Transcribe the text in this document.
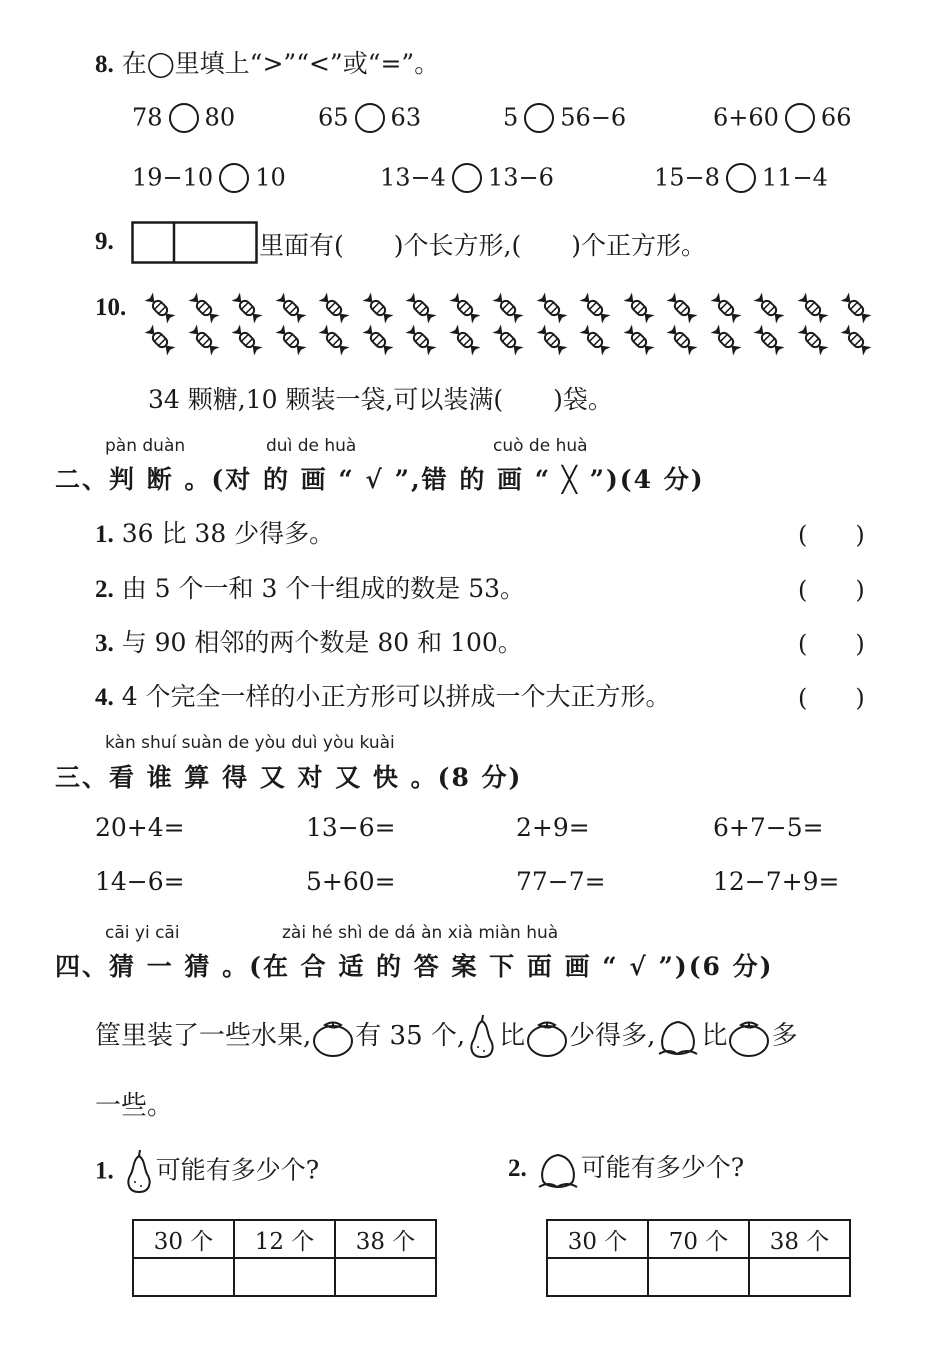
8. 在◯里填上“>”“<”或“=”。
78 80	65 63	5 56−6	6+60 66
19−10 10	13−4 13−6	15−8 11−4
9.	里面有(　　)个长方形,(　　)个正方形。
10.
34 颗糖,10 颗装一袋,可以装满(　　)袋。
pàn duàn	duì de huà	cuò de huà
二、判 断 。(对 的 画 “ √ ”,错 的 画 “ ╳ ”)(4 分)
1. 36 比 38 少得多。	(　　)
2. 由 5 个一和 3 个十组成的数是 53。	(　　)
3. 与 90 相邻的两个数是 80 和 100。	(　　)
4. 4 个完全一样的小正方形可以拼成一个大正方形。	(　　)
kàn shuí suàn de yòu duì yòu kuài
三、看 谁 算 得 又 对 又 快 。(8 分)
20+4=	13−6=	2+9=	6+7−5=
14−6=	5+60=	77−7=	12−7+9=
cāi yi cāi	zài hé shì de dá àn xià miàn huà
四、猜 一 猜 。(在 合 适 的 答 案 下 面 画 “ √ ”)(6 分)
筐里装了一些水果, 有 35 个, 比 少得多, 比 多
一些。
1. 可能有多少个?
30 个	12 个	38 个

2. 可能有多少个?
30 个	70 个	38 个
